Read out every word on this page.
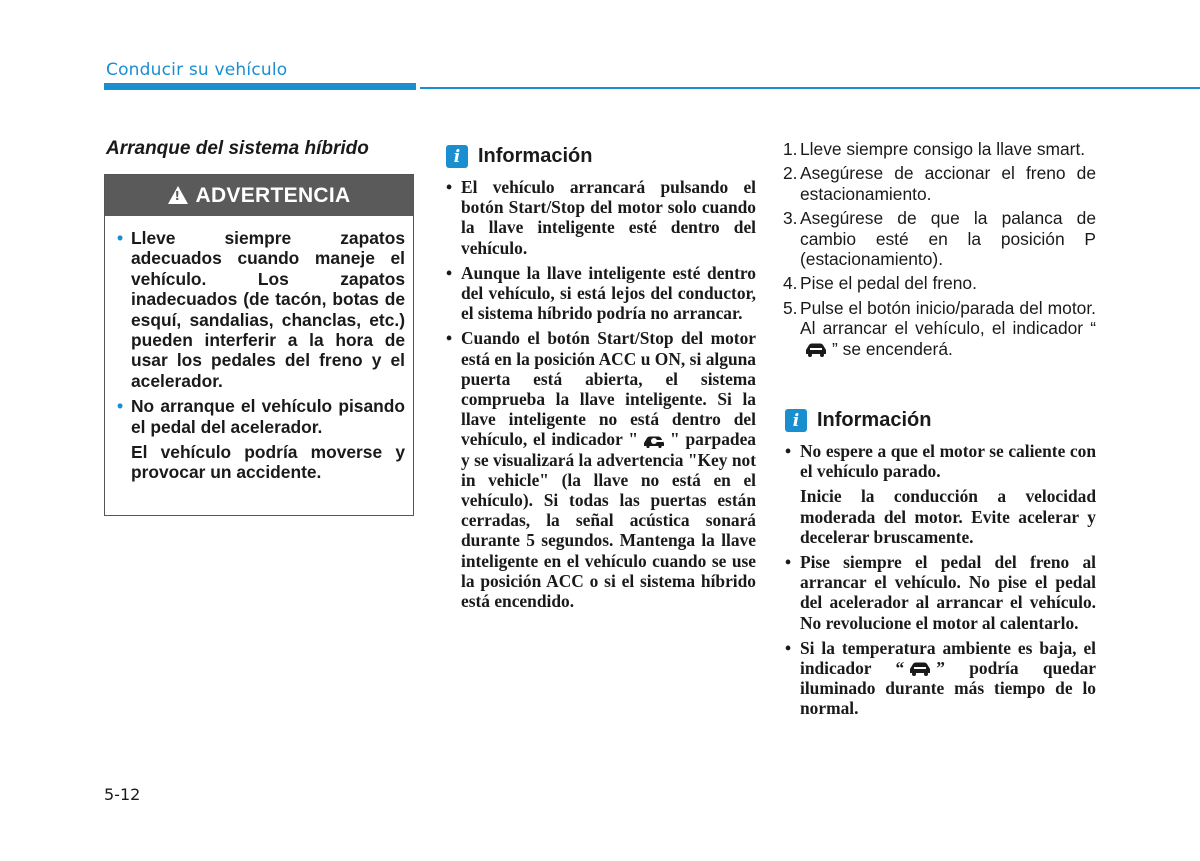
Conducir su vehículo
Arranque del sistema híbrido
!
ADVERTENCIA
• Lleve siempre zapatos adecuados cuando maneje el vehículo. Los zapatos inadecuados (de tacón, botas de esquí, sandalias, chanclas, etc.) pueden interferir a la hora de usar los pedales del freno y el acelerador.
• No arranque el vehículo pisando el pedal del acelerador.
El vehículo podría moverse y provocar un accidente.
i Información
• El vehículo arrancará pulsando el botón Start/Stop del motor solo cuando la llave inteligente esté dentro del vehículo.
• Aunque la llave inteligente esté dentro del vehículo, si está lejos del conductor, el sistema híbrido podría no arrancar.
• Cuando el botón Start/Stop del motor está en la posición ACC u ON, si alguna puerta está abierta, el sistema comprueba la llave inteligente. Si la llave inteligente no está dentro del vehículo, el indicador " " parpadea y se visualizará la advertencia "Key not in vehicle" (la llave no está en el vehículo). Si todas las puertas están cerradas, la señal acústica sonará durante 5 segundos. Mantenga la llave inteligente en el vehículo cuando se use la posición ACC o si el sistema híbrido está encendido.
1. Lleve siempre consigo la llave smart.
2. Asegúrese de accionar el freno de estacionamiento.
3. Asegúrese de que la palanca de cambio esté en la posición P (estacionamiento).
4. Pise el pedal del freno.
5. Pulse el botón inicio/parada del motor. Al arrancar el vehículo, el indicador “” se encenderá.
i Información
• No espere a que el motor se caliente con el vehículo parado.
Inicie la conducción a velocidad moderada del motor. Evite acelerar y decelerar bruscamente.
• Pise siempre el pedal del freno al arrancar el vehículo. No pise el pedal del acelerador al arrancar el vehículo. No revolucione el motor al calentarlo.
• Si la temperatura ambiente es baja, el indicador “ ” podría quedar iluminado durante más tiempo de lo normal.
5-12
